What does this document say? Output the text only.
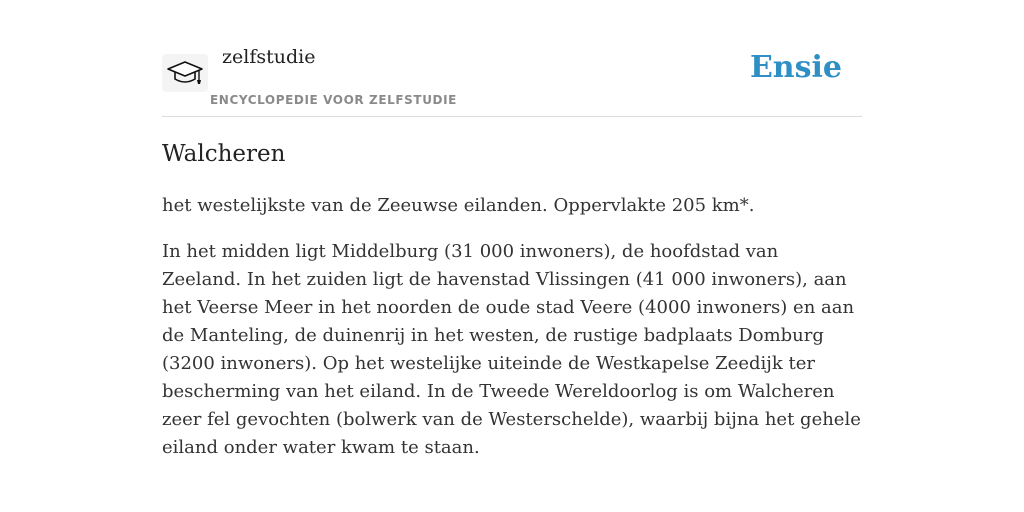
zelfstudie
ENCYCLOPEDIE VOOR ZELFSTUDIE
Ensie
Walcheren

het westelijkste van de Zeeuwse eilanden. Oppervlakte 205 km*.

In het midden ligt Middelburg (31 000 inwoners), de hoofdstad van Zeeland. In het zuiden ligt de havenstad Vlissingen (41 000 inwoners), aan het Veerse Meer in het noorden de oude stad Veere (4000 inwoners) en aan de Manteling, de duinenrij in het westen, de rustige badplaats Domburg (3200 inwoners). Op het westelijke uiteinde de Westkapelse Zeedijk ter bescherming van het eiland. In de Tweede Wereldoorlog is om Walcheren zeer fel gevochten (bolwerk van de Westerschelde), waarbij bijna het gehele eiland onder water kwam te staan.
